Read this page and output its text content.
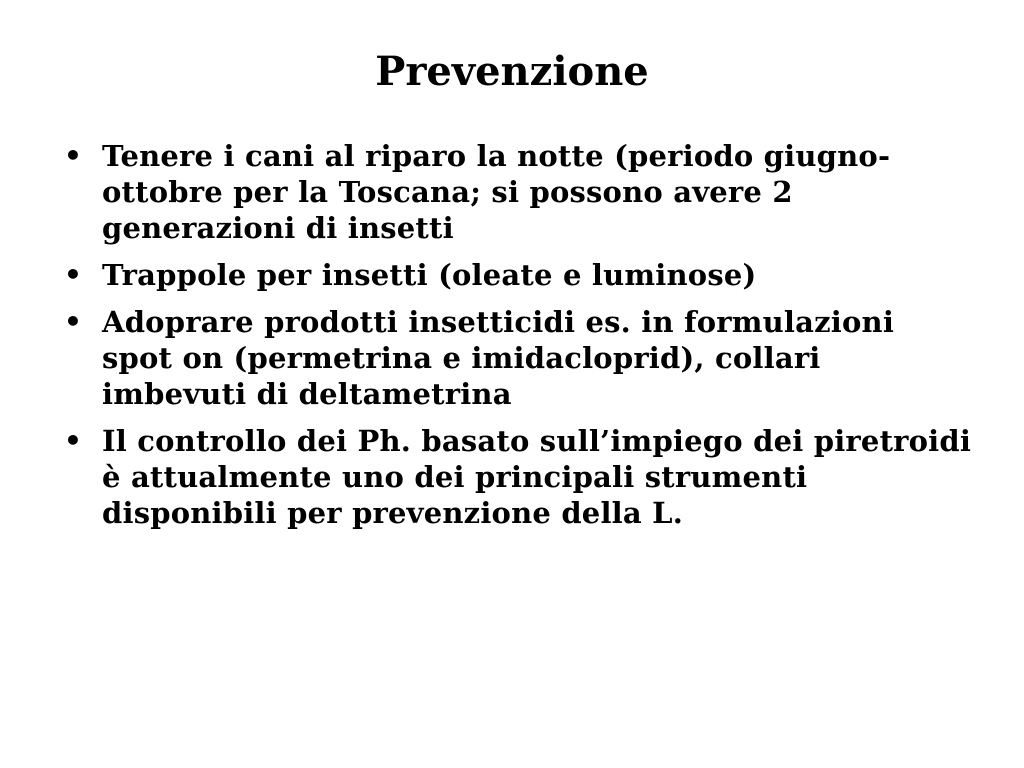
Prevenzione
• Tenere i cani al riparo la notte (periodo giugno-ottobre per la Toscana; si possono avere 2 generazioni di insetti
• Trappole per insetti (oleate e luminose)
• Adoprare prodotti insetticidi es. in formulazioni spot on (permetrina e imidacloprid), collari imbevuti di deltametrina
• Il controllo dei Ph. basato sull’impiego dei piretroidi è attualmente uno dei principali strumenti disponibili per prevenzione della L.
